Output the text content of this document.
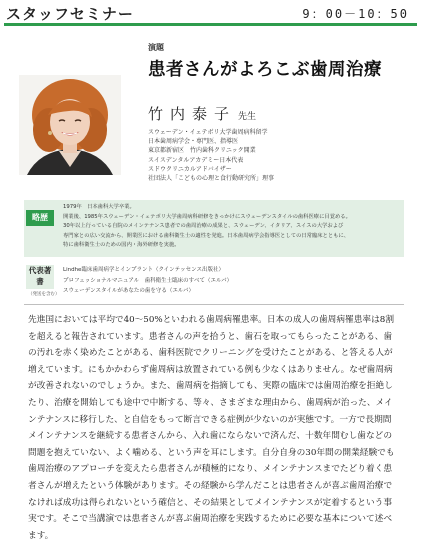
スタッフセミナー	9：00－10：50
演題
患者さんがよろこぶ歯周治療
竹内泰子 先生
スウェーデン・イェテボリ大学歯周病科留学
日本歯周病学会・専門医、指導医
東京都新宿区　竹内歯科クリニック開業
スイスデンタルアカデミー日本代表
スドウクリニカルアドバイザー
社団法人「こどもの心理と食行動研究所」理事
略歴
1979年　日本歯科大学卒業。
開業後、1985年スウェーデン・イェテボリ大学歯周病科研修をきっかけにスウェーデンスタイルの歯科医療に目覚める。
30年以上行っている自院のメインテナンス患者での歯周治療の成果と、スウェーデン、イタリア、スイスの大学および
専門家との広い交流から、開業医における歯科衛生士の適性を発進。日本歯周病学会指導医としての日常臨床とともに、
特に歯科衛生士のための国内・海外研修を実施。
代表著書
（発送を含む）
Lindhe臨床歯周病学とインプラント（クインテッセンス出版社）
プロフェッショナルマニュアル　歯科衛生士臨床のすべて（エルパ）
スウェーデンスタイルがあなたの歯を守る（エルパ）
先進国においては平均で40～50%といわれる歯周病罹患率。日本の成人の歯周病罹患率は8割
を超えると報告されています。患者さんの声を拾うと、歯石を取ってもらったことがある、歯
の汚れを赤く染めたことがある、歯科医院でクリーニングを受けたことがある、と答える人が
増えています。にもかかわらず歯周病は放置されている例も少なくはありません。なぜ歯周病
が改善されないのでしょうか。また、歯周病を指摘しても、実際の臨床では歯周治療を拒絶し
たり、治療を開始しても途中で中断する、等々、さまざまな理由から、歯周病が治った、メイ
ンテナンスに移行した、と自信をもって断言できる症例が少ないのが実態です。一方で長期間
メインテナンスを継続する患者さんから、入れ歯にならないで済んだ、十数年間むし歯などの
問題を抱えていない、よく噛める、という声を耳にします。自分自身の30年間の開業経験でも
歯周治療のアプローチを変えたら患者さんが積極的になり、メインテナンスまでたどり着く患
者さんが増えたという体験があります。その経験から学んだことは患者さんが喜ぶ歯周治療で
なければ成功は得られないという確信と、その結果としてメインテナンスが定着するという事
実です。そこで当講演では患者さんが喜ぶ歯周治療を実践するために必要な基本について述べ
ます。
